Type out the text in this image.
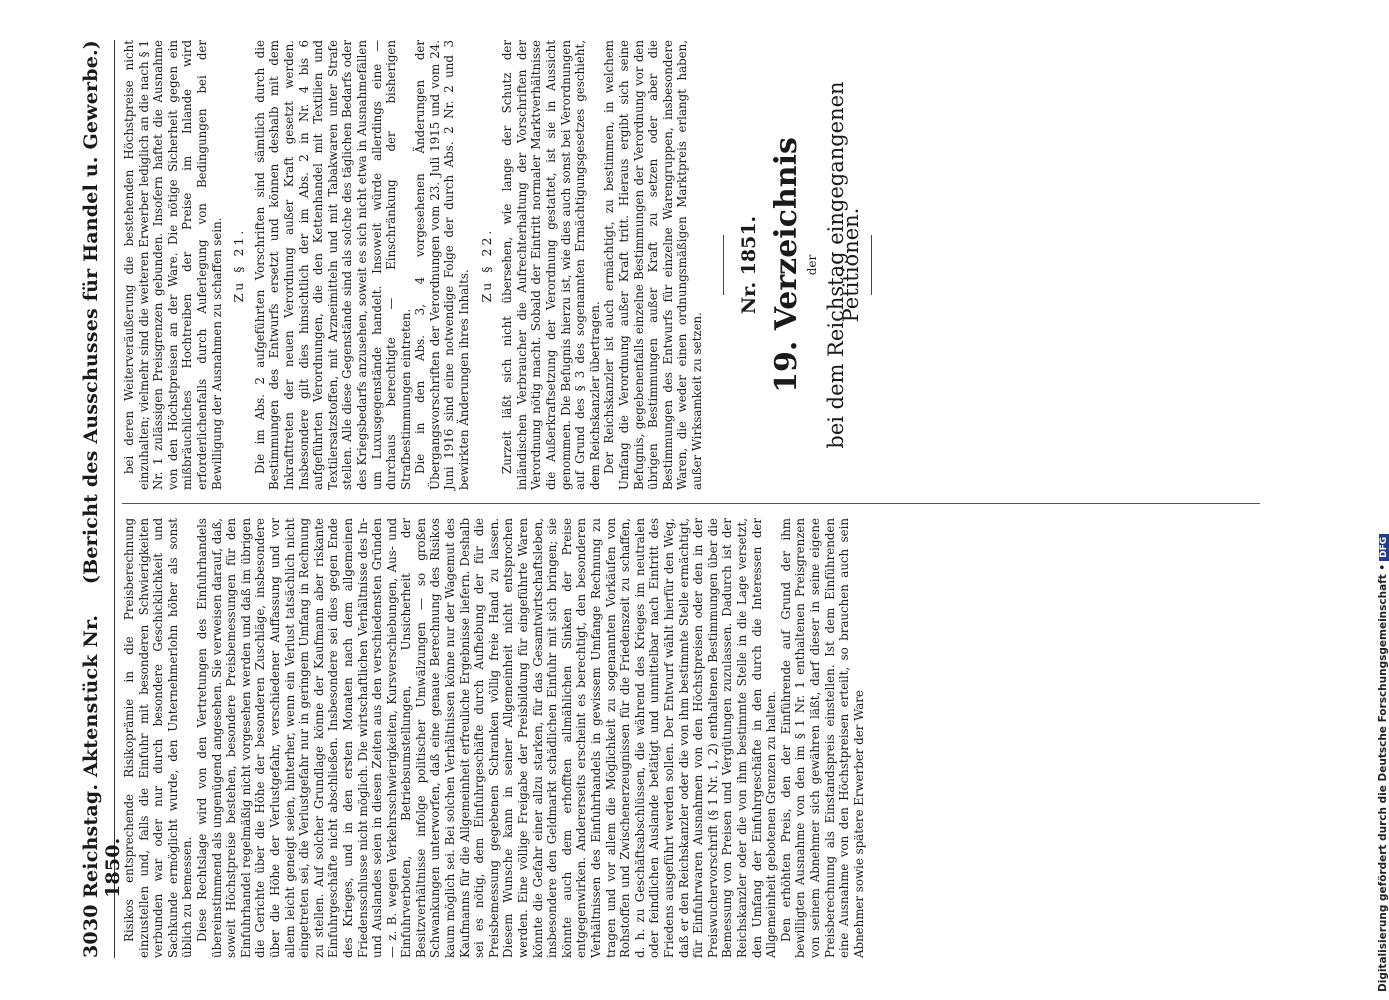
3030
Reichstag. Aktenstück Nr. 1850.
(Bericht des Ausschusses für Handel u. Gewerbe.)

Risikos entsprechende Risikoprämie in die Preisberechnung einzustellen und, falls die Einfuhr mit besonderen Schwierigkeiten verbunden war oder nur durch besondere Geschicklichkeit und Sachkunde ermöglicht wurde, den Unternehmerlohn höher als sonst üblich zu bemessen. Diese Rechtslage wird von den Vertretungen des Einfuhrhandels übereinstimmend als ungenügend angesehen. Sie verweisen darauf, daß, soweit Höchstpreise bestehen, besondere Preisbemessungen für den Einfuhrhandel regelmäßig nicht vorgesehen werden und daß im übrigen die Gerichte über die Höhe der besonderen Zuschläge, insbesondere über die Höhe der Verlustgefahr, verschiedener Auffassung und vor allem leicht geneigt seien, hinterher, wenn ein Verlust tatsächlich nicht eingetreten sei, die Verlustgefahr nur in geringem Umfang in Rechnung zu stellen. Auf solcher Grundlage könne der Kaufmann aber riskante Einfuhrgeschäfte nicht abschließen. Insbesondere sei dies gegen Ende des Krieges, und in den ersten Monaten nach dem allgemeinen Friedensschlusse nicht möglich. Die wirtschaftlichen Verhältnisse des In- und Auslandes seien in diesen Zeiten aus den verschiedensten Gründen — z. B. wegen Verkehrsschwierigkeiten, Kursverschiebungen, Aus- und Einfuhrverboten, Betriebsumstellungen, Unsicherheit der Besitzverhältnisse infolge politischer Umwälzungen — so großen Schwankungen unterworfen, daß eine genaue Berechnung des Risikos kaum möglich sei. Bei solchen Verhältnissen könne nur der Wagemut des Kaufmanns für die Allgemeinheit erfreuliche Ergebnisse liefern. Deshalb sei es nötig, dem Einfuhrgeschäfte durch Aufhebung der für die Preisbemessung gegebenen Schranken völlig freie Hand zu lassen. Diesem Wunsche kann in seiner Allgemeinheit nicht entsprochen werden. Eine völlige Freigabe der Preisbildung für eingeführte Waren könnte die Gefahr einer allzu starken, für das Gesamtwirtschaftsleben, insbesondere den Geldmarkt schädlichen Einfuhr mit sich bringen; sie könnte auch dem erhofften allmählichen Sinken der Preise entgegenwirken. Andererseits erscheint es berechtigt, den besonderen Verhältnissen des Einfuhrhandels in gewissem Umfange Rechnung zu tragen und vor allem die Möglichkeit zu sogenannten Vorkäufen von Rohstoffen und Zwischenerzeugnissen für die Friedenszeit zu schaffen, d. h. zu Geschäftsabschlüssen, die während des Krieges im neutralen oder feindlichen Auslande betätigt und unmittelbar nach Eintritt des Friedens ausgeführt werden sollen. Der Entwurf wählt hierfür den Weg, daß er den Reichskanzler oder die von ihm bestimmte Stelle ermächtigt, für Einfuhrwaren Ausnahmen von den Höchstpreisen oder den in der Preiswuchervorschrift (§ 1 Nr. 1, 2) enthaltenen Bestimmungen über die Bemessung von Preisen und Vergütungen zuzulassen. Dadurch ist der Reichskanzler oder die von ihm bestimmte Stelle in die Lage versetzt, den Umfang der Einfuhrgeschäfte in den durch die Interessen der Allgemeinheit gebotenen Grenzen zu halten. Den erhöhten Preis, den der Einführende auf Grund der ihm bewilligten Ausnahme von den im § 1 Nr. 1 enthaltenen Preisgrenzen von seinem Abnehmer sich gewähren läßt, darf dieser in seine eigene Preisberechnung als Einstandspreis einstellen. Ist dem Einführenden eine Ausnahme von den Höchstpreisen erteilt, so brauchen auch sein Abnehmer sowie spätere Erwerber der Ware

bei deren Weiterveräußerung die bestehenden Höchstpreise nicht einzuhalten; vielmehr sind die weiteren Erwerber lediglich an die nach § 1 Nr. 1 zulässigen Preisgrenzen gebunden. Insofern haftet die Ausnahme von den Höchstpreisen an der Ware. Die nötige Sicherheit gegen ein mißbräuchliches Hochtreiben der Preise im Inlande wird erforderlichenfalls durch Auferlegung von Bedingungen bei der Bewilligung der Ausnahmen zu schaffen sein. Zu § 21. Die im Abs. 2 aufgeführten Vorschriften sind sämtlich durch die Bestimmungen des Entwurfs ersetzt und können deshalb mit dem Inkrafttreten der neuen Verordnung außer Kraft gesetzt werden. Insbesondere gilt dies hinsichtlich der im Abs. 2 in Nr. 4 bis 6 aufgeführten Verordnungen, die den Kettenhandel mit Textilien und Textilersatzstoffen, mit Arzneimitteln und mit Tabakwaren unter Strafe stellen. Alle diese Gegenstände sind als solche des täglichen Bedarfs oder des Kriegsbedarfs anzusehen, soweit es sich nicht etwa in Ausnahmefällen um Luxusgegenstände handelt. Insoweit würde allerdings eine — durchaus berechtigte — Einschränkung der bisherigen Strafbestimmungen eintreten. Die in den Abs. 3, 4 vorgesehenen Änderungen der Übergangsvorschriften der Verordnungen vom 23. Juli 1915 und vom 24. Juni 1916 sind eine notwendige Folge der durch Abs. 2 Nr. 2 und 3 bewirkten Änderungen ihres Inhalts.

Zu § 22. Zurzeit läßt sich nicht übersehen, wie lange der Schutz der inländischen Verbraucher die Aufrechterhaltung der Vorschriften der Verordnung nötig macht. Sobald der Eintritt normaler Marktverhältnisse die Außerkraftsetzung der Verordnung gestattet, ist sie in Aussicht genommen. Die Befugnis hierzu ist, wie dies auch sonst bei Verordnungen auf Grund des § 3 des sogenannten Ermächtigungsgesetzes geschieht, dem Reichskanzler übertragen. Der Reichskanzler ist auch ermächtigt, zu bestimmen, in welchem Umfang die Verordnung außer Kraft tritt. Hieraus ergibt sich seine Befugnis, gegebenenfalls einzelne Bestimmungen der Verordnung vor den übrigen Bestimmungen außer Kraft zu setzen oder aber die Bestimmungen des Entwurfs für einzelne Warengruppen, insbesondere Waren, die weder einen ordnungsmäßigen Marktpreis erlangt haben, außer Wirksamkeit zu setzen.

Nr. 1851. 19. Verzeichnis der bei dem Reichstag eingegangenen Petitionen.
Digitalisierung gefördert durch die Deutsche Forschungsgemeinschaft •DFG
